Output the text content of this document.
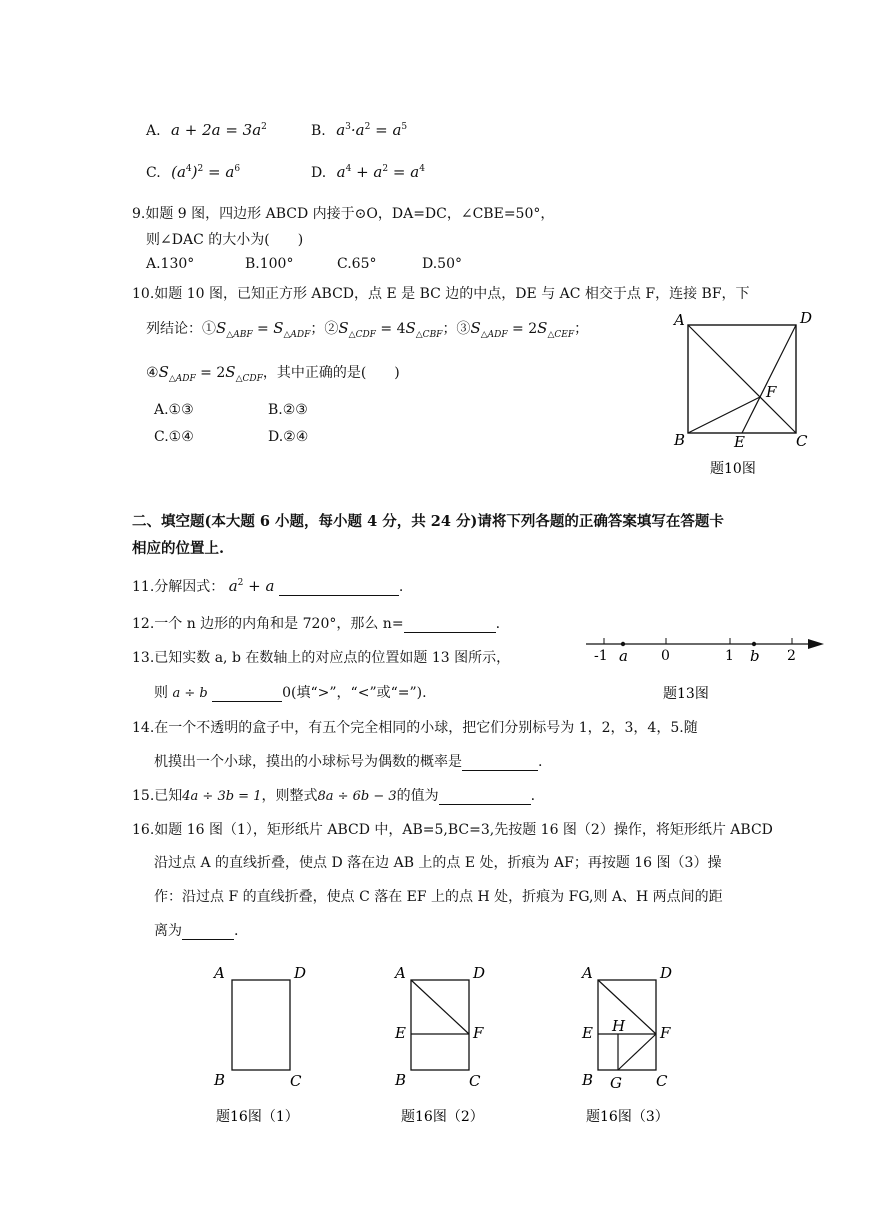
A. $a + 2a = 3a^2$	B. $a^3\cdot a^2 = a^5$
C. $(a^4)^2 = a^6$	D. $a^4 + a^2 = a^4$
9.如题 9 图，四边形 ABCD 内接于⊙O，DA=DC，∠CBE=50°，
则∠DAC 的大小为(　　)
A.130°	B.100°	C.65°	D.50°
10.如题 10 图，已知正方形 ABCD，点 E 是 BC 边的中点，DE 与 AC 相交于点 F，连接 BF，下
列结论：$①S_{\triangle ABF} = S_{\triangle ADF}$；$②S_{\triangle CDF} = 4S_{\triangle CBF}$；$③S_{\triangle ADF} = 2S_{\triangle CEF}$；
$④S_{\triangle ADF} = 2S_{\triangle CDF}$，其中正确的是(　　)
A.①③	B.②③
C.①④	D.②④
A	D
B	C
E
F
题10图
二、填空题(本大题 6 小题，每小题 4 分，共 24 分)请将下列各题的正确答案填写在答题卡
相应的位置上.
11.分解因式： $a^2 + a$	.
12.一个 n 边形的内角和是 720°，那么 n=	.
13.已知实数 a, b 在数轴上的对应点的位置如题 13 图所示，
则 a ÷ b	0(填“>”，“<”或“=”).
-1 a 0	1 b 2
题13图
14.在一个不透明的盒子中，有五个完全相同的小球，把它们分别标号为 1，2，3，4，5.随
机摸出一个小球，摸出的小球标号为偶数的概率是	.
15.已知4a ÷ 3b = 1，则整式8a ÷ 6b − 3的值为	.
16.如题 16 图（1），矩形纸片 ABCD 中，AB=5,BC=3,先按题 16 图（2）操作，将矩形纸片 ABCD
沿过点 A 的直线折叠，使点 D 落在边 AB 上的点 E 处，折痕为 AF；再按题 16 图（3）操
作：沿过点 F 的直线折叠，使点 C 落在 EF 上的点 H 处，折痕为 FG,则 A、H 两点间的距
离为	.
A	D
B	C
题16图（1）
A	D
E	F
B	C
题16图（2）
A	D
E H F
B G C
题16图（3）
